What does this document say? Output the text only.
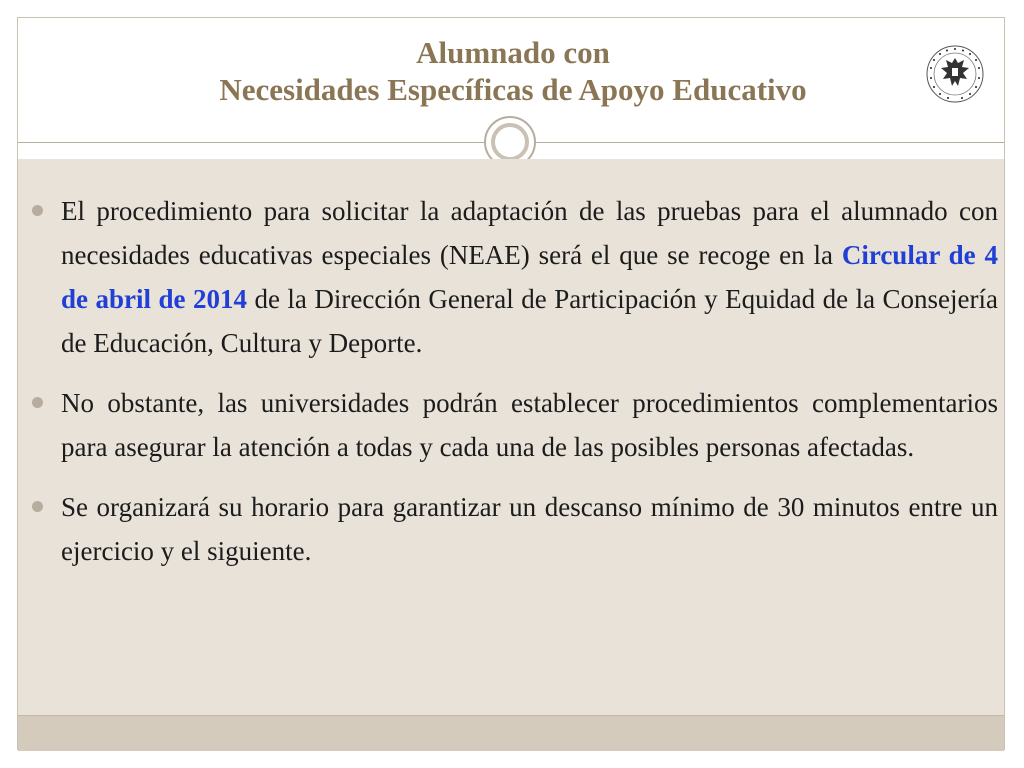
Alumnado con
Necesidades Específicas de Apoyo Educativo
El procedimiento para solicitar la adaptación de las pruebas para el alumnado con necesidades educativas especiales (NEAE) será el que se recoge en la Circular de 4 de abril de 2014 de la Dirección General de Participación y Equidad de la Consejería de Educación, Cultura y Deporte.
No obstante, las universidades podrán establecer procedimientos complementarios para asegurar la atención a todas y cada una de las posibles personas afectadas.
Se organizará su horario para garantizar un descanso mínimo de 30 minutos entre un ejercicio y el siguiente.
